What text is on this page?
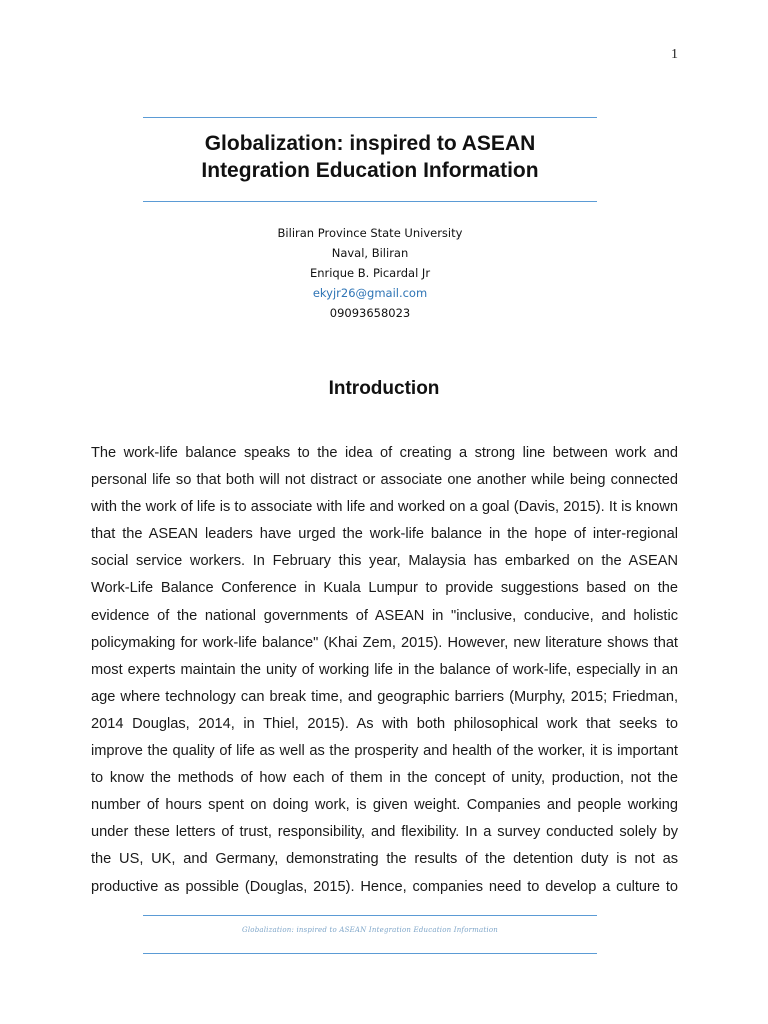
1
Globalization: inspired to ASEAN
Integration Education Information
Biliran Province State University
Naval, Biliran
Enrique B. Picardal Jr
ekyjr26@gmail.com
09093658023
Introduction
The work-life balance speaks to the idea of creating a strong line between work and
personal life so that both will not distract or associate one another while being connected
with the work of life is to associate with life and worked on a goal (Davis, 2015). It is known
that the ASEAN leaders have urged the work-life balance in the hope of inter-regional
social service workers. In February this year, Malaysia has embarked on the ASEAN
Work-Life Balance Conference in Kuala Lumpur to provide suggestions based on the
evidence of the national governments of ASEAN in "inclusive, conducive, and holistic
policymaking for work-life balance" (Khai Zem, 2015). However, new literature shows that
most experts maintain the unity of working life in the balance of work-life, especially in an
age where technology can break time, and geographic barriers (Murphy, 2015; Friedman,
2014 Douglas, 2014, in Thiel, 2015). As with both philosophical work that seeks to
improve the quality of life as well as the prosperity and health of the worker, it is important
to know the methods of how each of them in the concept of unity, production, not the
number of hours spent on doing work, is given weight. Companies and people working
under these letters of trust, responsibility, and flexibility. In a survey conducted solely by
the US, UK, and Germany, demonstrating the results of the detention duty is not as
productive as possible (Douglas, 2015). Hence, companies need to develop a culture to
Globalization: inspired to ASEAN Integration Education Information
